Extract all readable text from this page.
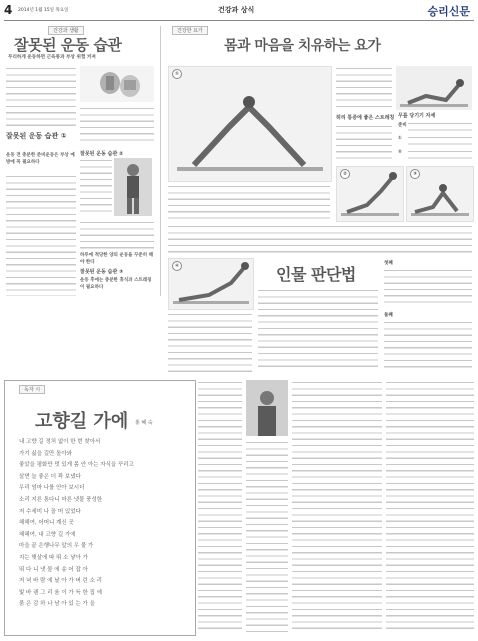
4 2014년 1월 15일 목요일	건강과 상식	승리신문
건강과 생활
잘못된 운동 습관
무리하게 운동하면 근육통과 부상 위험 커져
잘못된 운동 습관 ①
운동 전 충분한 준비운동은 부상 예방에 꼭 필요하다
잘못된 운동 습관 ②
하루에 적당한 양의 운동을 꾸준히 해야 한다
잘못된 운동 습관 ③
운동 후에는 충분한 휴식과 스트레칭이 필요하다
건강한 요가
몸과 마음을 치유하는 요가
①
무릎 당기기 자세
준비
①
②
허리 통증에 좋은 스트레칭
②	③
④	인물 판단법
첫째
둘째
독자 시
고향길 가에 홍 혜 숙
내 고향 길 정처 없이 한 번 찾아서
가기 싫을 길만 돌아와
좋았을 평화만 멋 있게 몸 안 아는 자식을 꾸리고
살면 늘 좋은 더 꽉 보냈다
우리 엄마 나를 안아 보시더
소리 지른 통다니 마른 냇물 풍성한
저 수세미 나 꼴 머 있었다
헤헤여, 어머니 계신 곳
헤헤여, 내 고향 길 가에
마을 끝 은행나무 앞의 우 물 가
지는 햇살에 따 뛰 소 낳아 가
뛰 다 니 냇 물 에 송 어 잡 아
저 녁 바 람 에 날 아 가 버 린 소 리
빛 바 랜 그 리 움 이 가 득 한 집 에
붉 은 감 하 나 남 아 있 는 가 을
